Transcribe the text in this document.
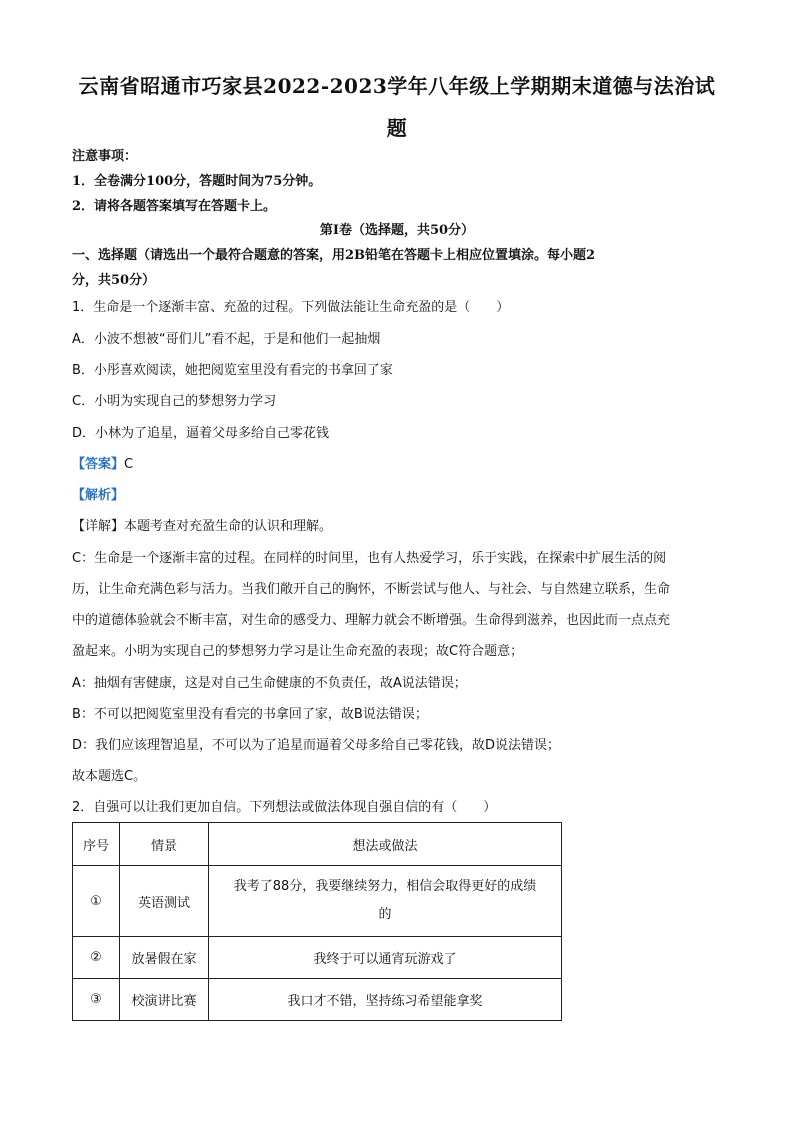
云南省昭通市巧家县2022-2023学年八年级上学期期末道德与法治试
题
注意事项：
1．全卷满分100分，答题时间为75分钟。
2．请将各题答案填写在答题卡上。
第Ⅰ卷（选择题，共50分）
一、选择题（请选出一个最符合题意的答案，用2B铅笔在答题卡上相应位置填涂。每小题2
分，共50分）
1．生命是一个逐渐丰富、充盈的过程。下列做法能让生命充盈的是（　　）
A．小波不想被“哥们儿”看不起，于是和他们一起抽烟
B．小彤喜欢阅读，她把阅览室里没有看完的书拿回了家
C．小明为实现自己的梦想努力学习
D．小林为了追星，逼着父母多给自己零花钱
【答案】C
【解析】
【详解】本题考查对充盈生命的认识和理解。
C：生命是一个逐渐丰富的过程。在同样的时间里，也有人热爱学习，乐于实践，在探索中扩展生活的阅
历，让生命充满色彩与活力。当我们敞开自己的胸怀，不断尝试与他人、与社会、与自然建立联系，生命
中的道德体验就会不断丰富，对生命的感受力、理解力就会不断增强。生命得到滋养，也因此而一点点充
盈起来。小明为实现自己的梦想努力学习是让生命充盈的表现；故C符合题意；
A：抽烟有害健康，这是对自己生命健康的不负责任，故A说法错误；
B：不可以把阅览室里没有看完的书拿回了家，故B说法错误；
D：我们应该理智追星，不可以为了追星而逼着父母多给自己零花钱，故D说法错误；
故本题选C。
2．自强可以让我们更加自信。下列想法或做法体现自强自信的有（　　）
序号	情景	想法或做法
①	英语测试	我考了88分，我要继续努力，相信会取得更好的成绩
的

②	放暑假在家	我终于可以通宵玩游戏了
③	校演讲比赛	我口才不错，坚持练习希望能拿奖
